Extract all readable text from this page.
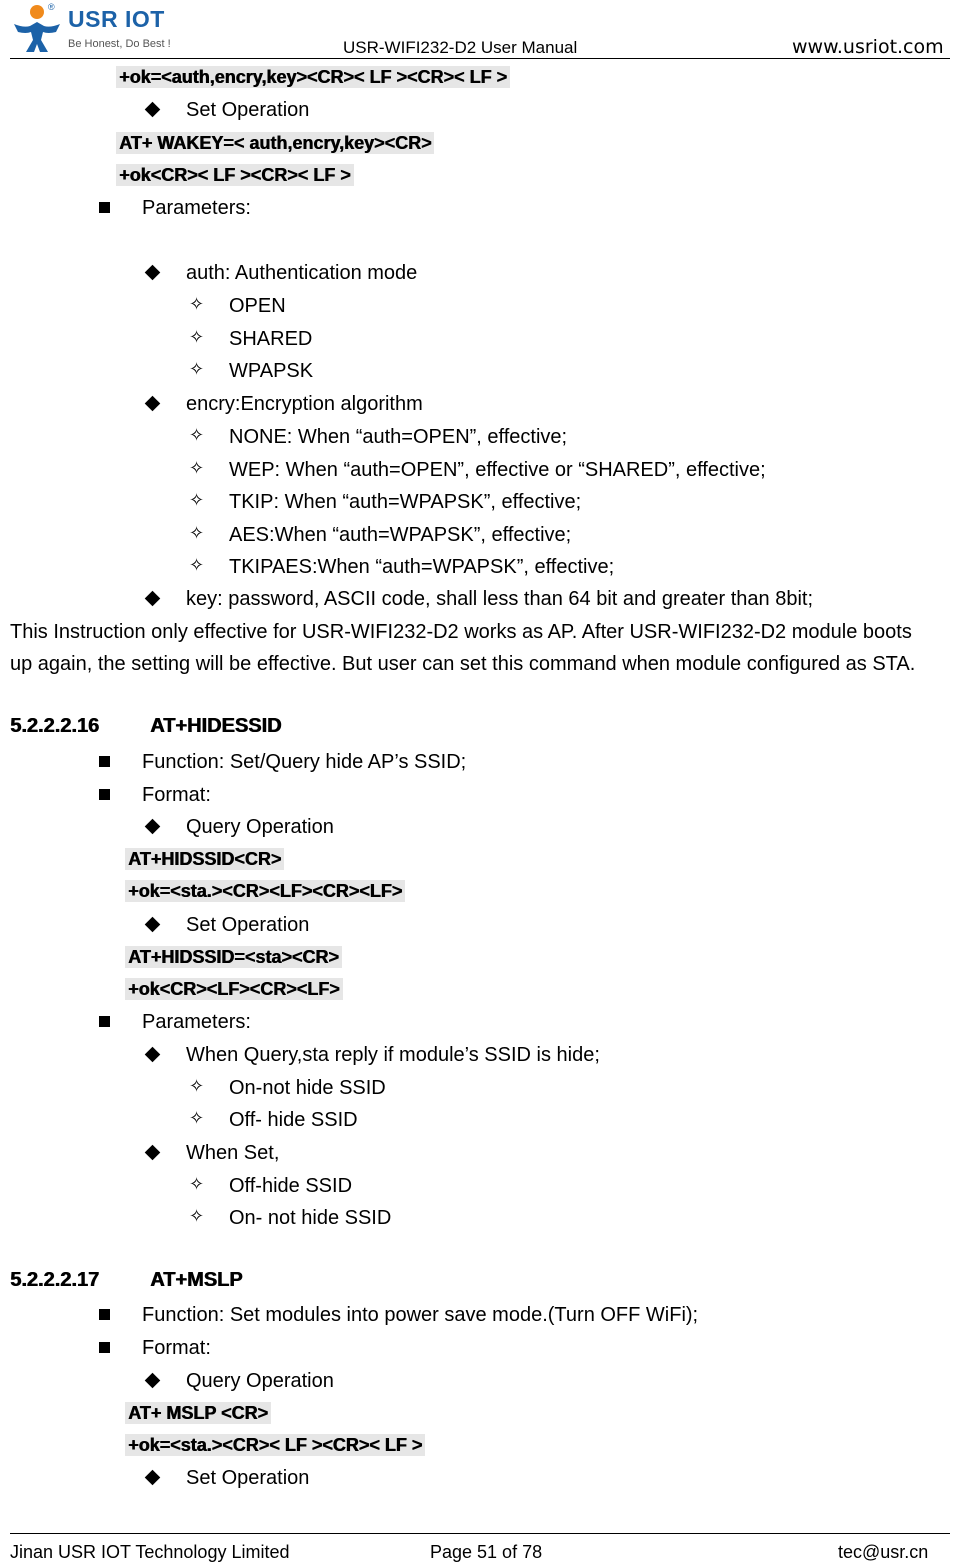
USR IOT
®
Be Honest, Do Best !	USR-WIFI232-D2 User Manual	www.usriot.com
+ok=<auth,encry,key><CR>< LF ><CR>< LF >
Set Operation
AT+ WAKEY=< auth,encry,key><CR>
+ok<CR>< LF ><CR>< LF >
Parameters:
auth: Authentication mode
✧ OPEN
✧ SHARED
✧ WPAPSK
encry:Encryption algorithm
✧ NONE: When “auth=OPEN”, effective;
✧ WEP: When “auth=OPEN”, effective or “SHARED”, effective;
✧ TKIP: When “auth=WPAPSK”, effective;
✧ AES:When “auth=WPAPSK”, effective;
✧ TKIPAES:When “auth=WPAPSK”, effective;
key: password, ASCII code, shall less than 64 bit and greater than 8bit;
This Instruction only effective for USR-WIFI232-D2 works as AP. After USR-WIFI232-D2 module boots
up again, the setting will be effective. But user can set this command when module configured as STA.
5.2.2.2.16	AT+HIDESSID
Function: Set/Query hide AP’s SSID;
Format:
Query Operation
AT+HIDSSID<CR>
+ok=<sta.><CR><LF><CR><LF>
Set Operation
AT+HIDSSID=<sta><CR>
+ok<CR><LF><CR><LF>
Parameters:
When Query,sta reply if module’s SSID is hide;
✧ On-not hide SSID
✧ Off- hide SSID
When Set,
✧ Off-hide SSID
✧ On- not hide SSID
5.2.2.2.17	AT+MSLP
Function: Set modules into power save mode.(Turn OFF WiFi);
Format:
Query Operation
AT+ MSLP <CR>
+ok=<sta.><CR>< LF ><CR>< LF >
Set Operation
Jinan USR IOT Technology Limited	Page 51 of 78	tec@usr.cn
